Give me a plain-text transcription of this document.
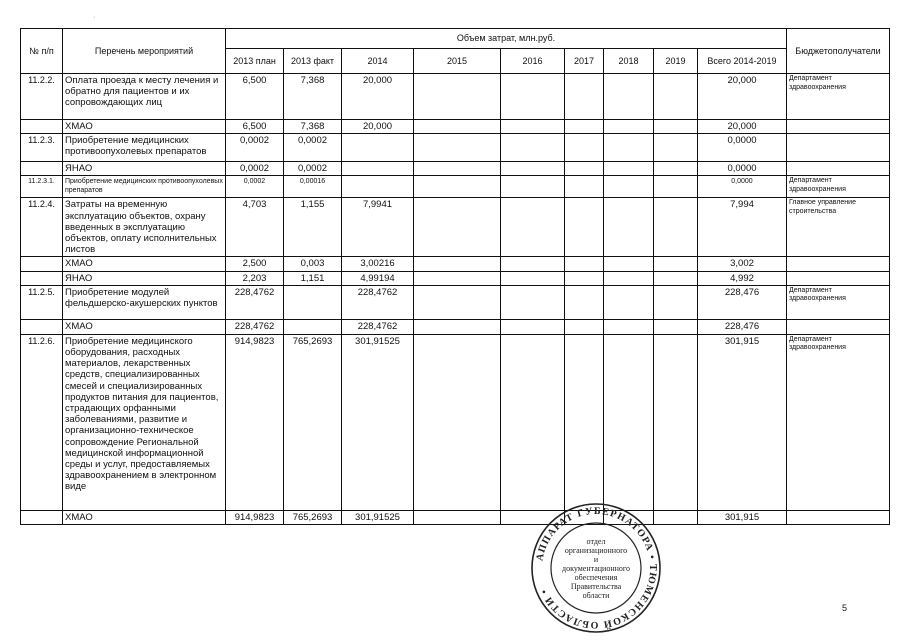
·
№ п/п	Перечень мероприятий	Объем затрат, млн.руб.									Бюджетополучатели
		2013 план	2013 факт	2014	2015	2016	2017	2018	2019	Всего 2014-2019	
11.2.2.	Оплата проезда к месту лечения и обратно для пациентов и их сопровождающих лиц	6,500	7,368	20,000						20,000	Департамент здравоохранения
	ХМАО	6,500	7,368	20,000						20,000	
11.2.3.	Приобретение медицинских противоопухолевых препаратов	0,0002	0,0002							0,0000	
	ЯНАО	0,0002	0,0002							0,0000	
11.2.3.1.	Приобретение медицинских противоопухолевых препаратов	0,0002	0,00016							0,0000	Департамент здравоохранения
11.2.4.	Затраты на временную эксплуатацию объектов, охрану введенных в эксплуатацию объектов, оплату исполнительных листов	4,703	1,155	7,9941						7,994	Главное управление строительства
	ХМАО	2,500	0,003	3,00216						3,002	
	ЯНАО	2,203	1,151	4,99194						4,992	
11.2.5.	Приобретение модулей фельдшерско-акушерских пунктов	228,4762		228,4762						228,476	Департамент здравоохранения
	ХМАО	228,4762		228,4762						228,476	
11.2.6.	Приобретение медицинского оборудования, расходных материалов, лекарственных средств, специализированных смесей и специализированных продуктов питания для пациентов, страдающих орфанными заболеваниями, развитие и организационно-техническое сопровождение Региональной медицинской информационной среды и услуг, предоставляемых здравоохранением в электронном виде	914,9823	765,2693	301,91525						301,915	Департамент здравоохранения
	ХМАО	914,9823	765,2693	301,91525						301,915	
АППАРАТ ГУБЕРНАТОРА • ТЮМЕНСКОЙ ОБЛАСТИ •
отдел
организационного
и
документационного
обеспечения
Правительства
области
5
